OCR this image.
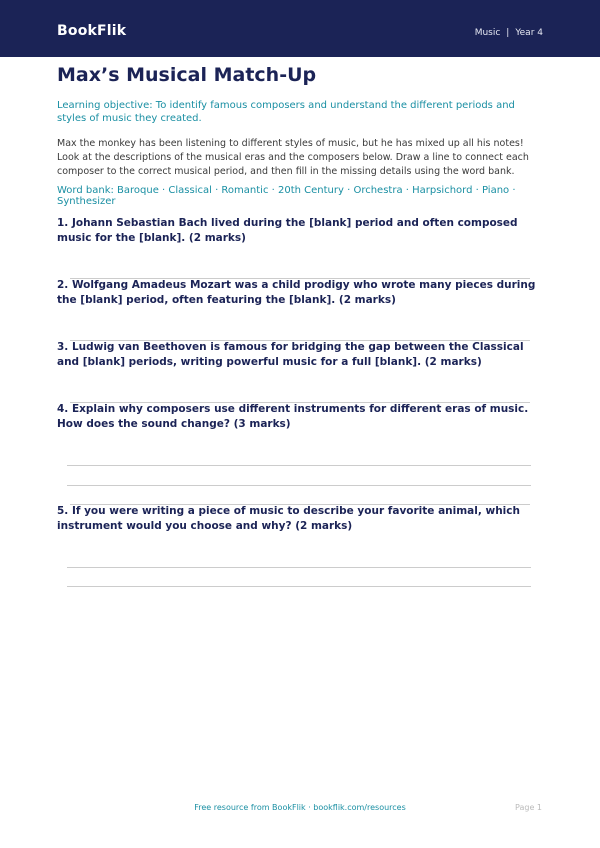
BookFlik	Music | Year 4
Max’s Musical Match-Up
Learning objective: To identify famous composers and understand the different periods and styles of music they created.
Max the monkey has been listening to different styles of music, but he has mixed up all his notes! Look at the descriptions of the musical eras and the composers below. Draw a line to connect each composer to the correct musical period, and then fill in the missing details using the word bank.
Word bank: Baroque · Classical · Romantic · 20th Century · Orchestra · Harpsichord · Piano · Synthesizer
1. Johann Sebastian Bach lived during the [blank] period and often composed music for the [blank]. (2 marks)
2. Wolfgang Amadeus Mozart was a child prodigy who wrote many pieces during the [blank] period, often featuring the [blank]. (2 marks)
3. Ludwig van Beethoven is famous for bridging the gap between the Classical and [blank] periods, writing powerful music for a full [blank]. (2 marks)
4. Explain why composers use different instruments for different eras of music. How does the sound change? (3 marks)
5. If you were writing a piece of music to describe your favorite animal, which instrument would you choose and why? (2 marks)
Free resource from BookFlik · bookflik.com/resources	Page 1
